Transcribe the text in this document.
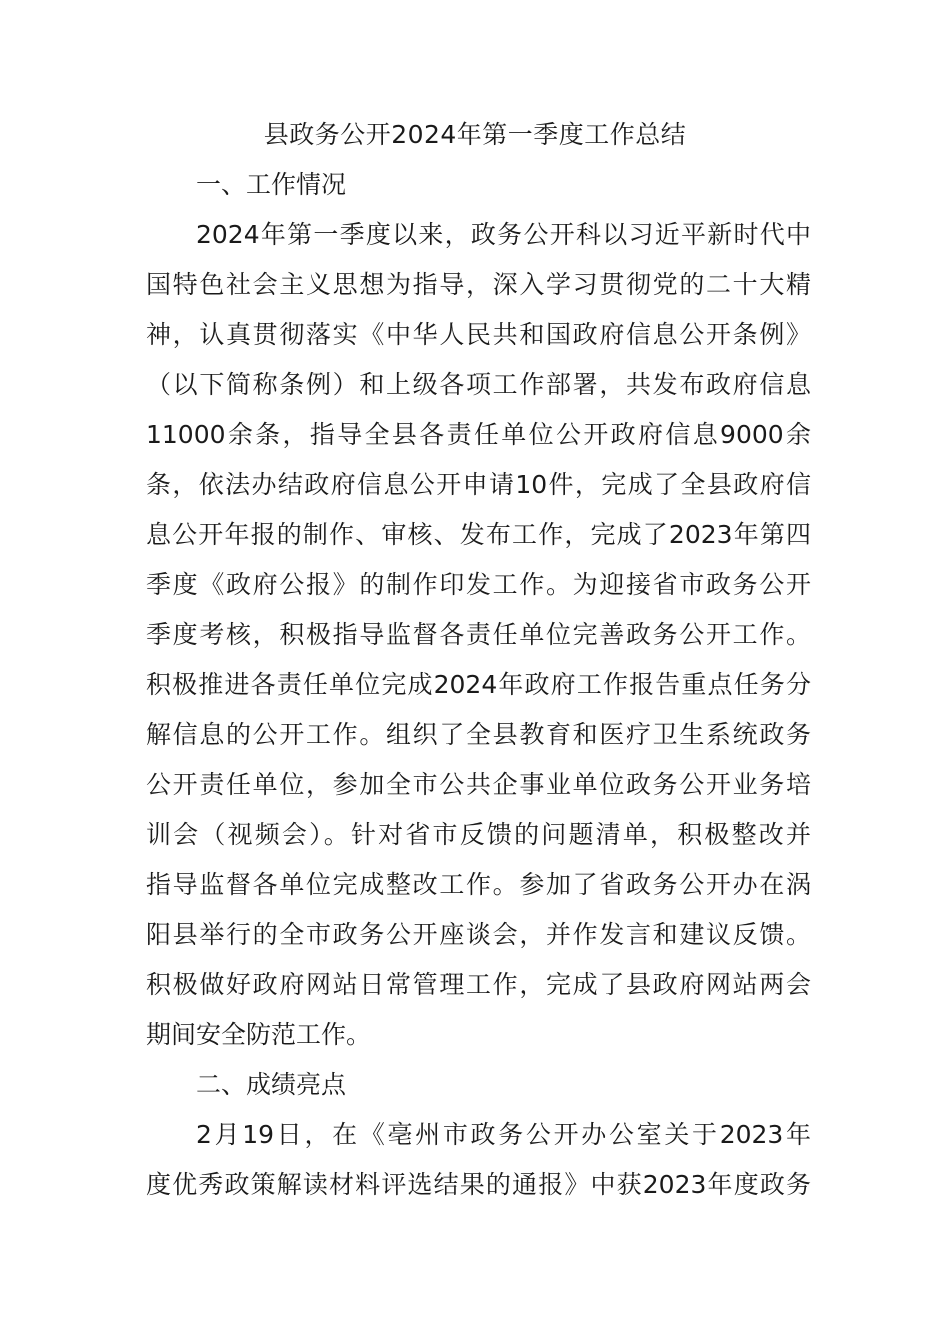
县政务公开2024年第一季度工作总结
一、工作情况

2024年第一季度以来，政务公开科以习近平新时代中

国特色社会主义思想为指导，深入学习贯彻党的二十大精

神，认真贯彻落实《中华人民共和国政府信息公开条例》

（以下简称条例）和上级各项工作部署，共发布政府信息

11000余条，指导全县各责任单位公开政府信息9000余

条，依法办结政府信息公开申请10件，完成了全县政府信

息公开年报的制作、审核、发布工作，完成了2023年第四

季度《政府公报》的制作印发工作。为迎接省市政务公开

季度考核，积极指导监督各责任单位完善政务公开工作。

积极推进各责任单位完成2024年政府工作报告重点任务分

解信息的公开工作。组织了全县教育和医疗卫生系统政务

公开责任单位，参加全市公共企事业单位政务公开业务培

训会（视频会）。针对省市反馈的问题清单，积极整改并

指导监督各单位完成整改工作。参加了省政务公开办在涡

阳县举行的全市政务公开座谈会，并作发言和建议反馈。

积极做好政府网站日常管理工作，完成了县政府网站两会

期间安全防范工作。

二、成绩亮点

2月19日，在《亳州市政务公开办公室关于2023年

度优秀政策解读材料评选结果的通报》中获2023年度政务
